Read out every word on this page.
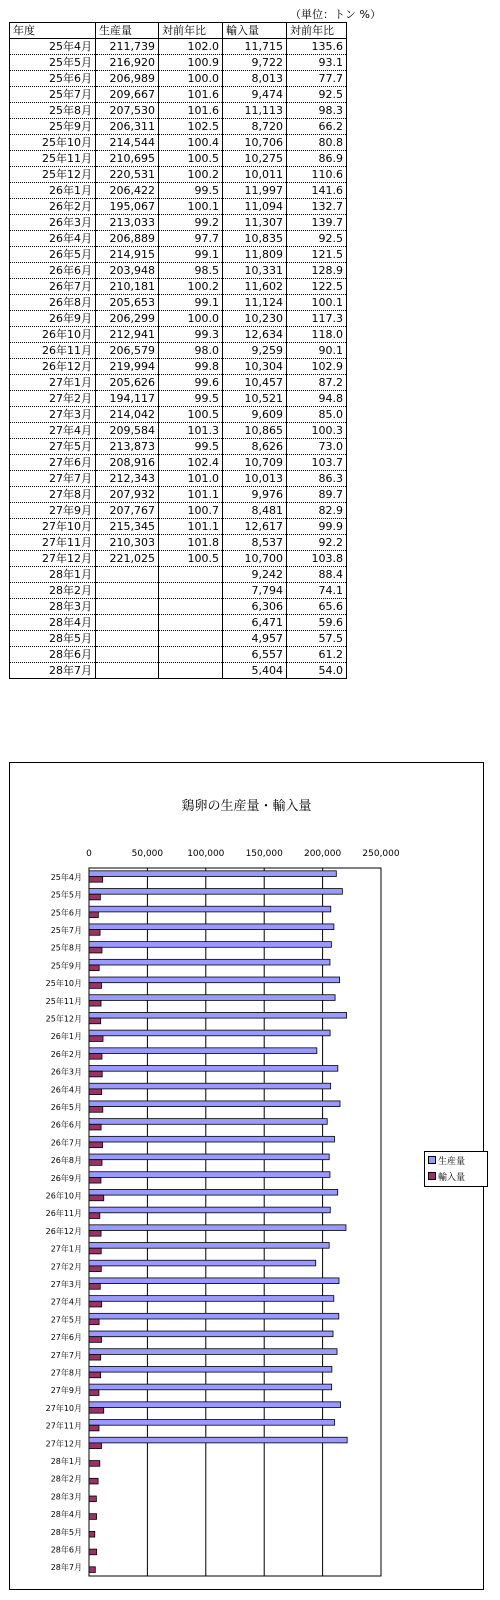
（単位：トン %）
年度	生産量	対前年比	輸入量	対前年比
25年4月	211,739	102.0	11,715	135.6
25年5月	216,920	100.9	9,722	93.1
25年6月	206,989	100.0	8,013	77.7
25年7月	209,667	101.6	9,474	92.5
25年8月	207,530	101.6	11,113	98.3
25年9月	206,311	102.5	8,720	66.2
25年10月	214,544	100.4	10,706	80.8
25年11月	210,695	100.5	10,275	86.9
25年12月	220,531	100.2	10,011	110.6
26年1月	206,422	99.5	11,997	141.6
26年2月	195,067	100.1	11,094	132.7
26年3月	213,033	99.2	11,307	139.7
26年4月	206,889	97.7	10,835	92.5
26年5月	214,915	99.1	11,809	121.5
26年6月	203,948	98.5	10,331	128.9
26年7月	210,181	100.2	11,602	122.5
26年8月	205,653	99.1	11,124	100.1
26年9月	206,299	100.0	10,230	117.3
26年10月	212,941	99.3	12,634	118.0
26年11月	206,579	98.0	9,259	90.1
26年12月	219,994	99.8	10,304	102.9
27年1月	205,626	99.6	10,457	87.2
27年2月	194,117	99.5	10,521	94.8
27年3月	214,042	100.5	9,609	85.0
27年4月	209,584	101.3	10,865	100.3
27年5月	213,873	99.5	8,626	73.0
27年6月	208,916	102.4	10,709	103.7
27年7月	212,343	101.0	10,013	86.3
27年8月	207,932	101.1	9,976	89.7
27年9月	207,767	100.7	8,481	82.9
27年10月	215,345	101.1	12,617	99.9
27年11月	210,303	101.8	8,537	92.2
27年12月	221,025	100.5	10,700	103.8
28年1月			9,242	88.4
28年2月			7,794	74.1
28年3月			6,306	65.6
28年4月			6,471	59.6
28年5月			4,957	57.5
28年6月			6,557	61.2
28年7月			5,404	54.0
鶏卵の生産量・輸入量
0	50,000	100,000 150,000 200,000 250,000
25年4月
25年5月
25年6月
25年7月
25年8月
25年9月
25年10月
25年11月
25年12月
26年1月
26年2月
26年3月
26年4月
26年5月
26年6月
26年7月
26年8月
26年9月
26年10月
26年11月
26年12月
27年1月
27年2月
27年3月
27年4月
27年5月
27年6月
27年7月
27年8月
27年9月
27年10月
27年11月
27年12月
28年1月
28年2月
28年3月
28年4月
28年5月
28年6月
28年7月
生産量
輸入量
